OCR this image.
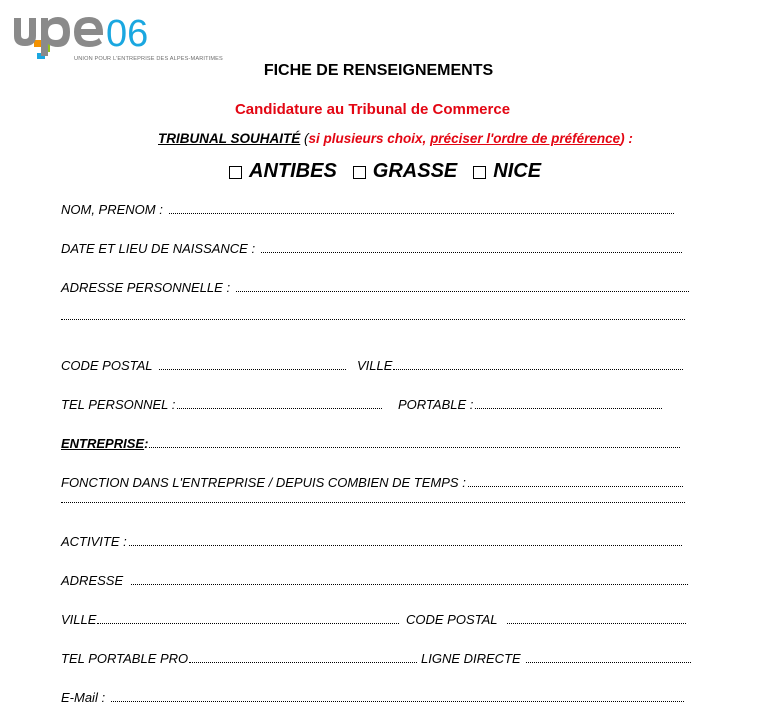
06
UNION POUR L'ENTREPRISE DES ALPES-MARITIMES
FICHE DE RENSEIGNEMENTS
Candidature au Tribunal de Commerce
TRIBUNAL SOUHAITÉ (si plusieurs choix, préciser l'ordre de préférence) :
ANTIBES GRASSE NICE
NOM, PRENOM :
DATE ET LIEU DE NAISSANCE :
ADRESSE PERSONNELLE :
CODE POSTAL	VILLE
TEL PERSONNEL :	PORTABLE :
ENTREPRISE :
FONCTION DANS L'ENTREPRISE / DEPUIS COMBIEN DE TEMPS :
ACTIVITE :
ADRESSE
VILLE	CODE POSTAL
TEL PORTABLE PRO	LIGNE DIRECTE
E-Mail :
